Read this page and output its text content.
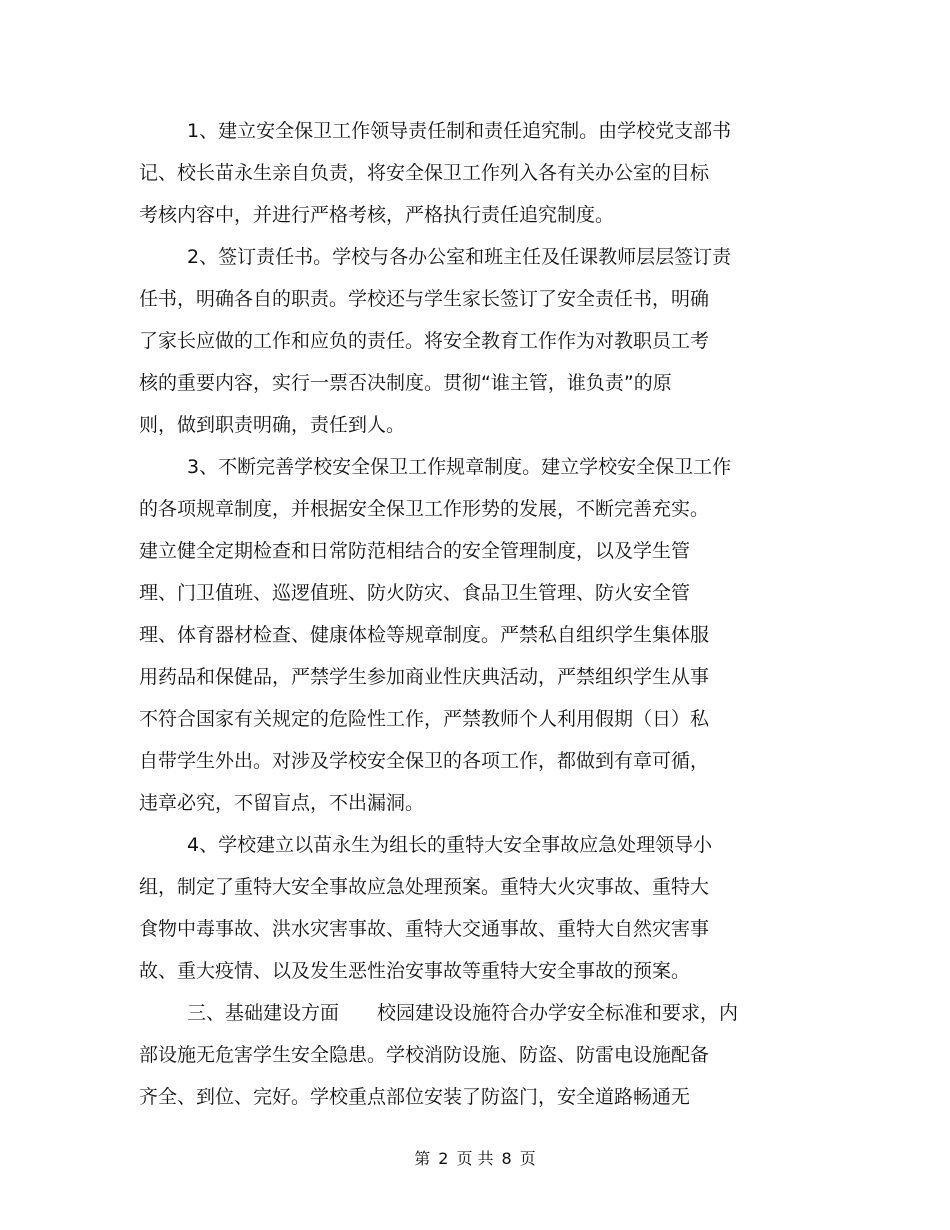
1、建立安全保卫工作领导责任制和责任追究制。由学校党支部书
记、校长苗永生亲自负责，将安全保卫工作列入各有关办公室的目标
考核内容中，并进行严格考核，严格执行责任追究制度。
2、签订责任书。学校与各办公室和班主任及任课教师层层签订责
任书，明确各自的职责。学校还与学生家长签订了安全责任书，明确
了家长应做的工作和应负的责任。将安全教育工作作为对教职员工考
核的重要内容，实行一票否决制度。贯彻“谁主管，谁负责”的原
则，做到职责明确，责任到人。
3、不断完善学校安全保卫工作规章制度。建立学校安全保卫工作
的各项规章制度，并根据安全保卫工作形势的发展，不断完善充实。
建立健全定期检查和日常防范相结合的安全管理制度，以及学生管
理、门卫值班、巡逻值班、防火防灾、食品卫生管理、防火安全管
理、体育器材检查、健康体检等规章制度。严禁私自组织学生集体服
用药品和保健品，严禁学生参加商业性庆典活动，严禁组织学生从事
不符合国家有关规定的危险性工作，严禁教师个人利用假期（日）私
自带学生外出。对涉及学校安全保卫的各项工作，都做到有章可循，
违章必究，不留盲点，不出漏洞。
4、学校建立以苗永生为组长的重特大安全事故应急处理领导小
组，制定了重特大安全事故应急处理预案。重特大火灾事故、重特大
食物中毒事故、洪水灾害事故、重特大交通事故、重特大自然灾害事
故、重大疫情、以及发生恶性治安事故等重特大安全事故的预案。
三、基础建设方面　　校园建设设施符合办学安全标准和要求，内
部设施无危害学生安全隐患。学校消防设施、防盗、防雷电设施配备
齐全、到位、完好。学校重点部位安装了防盗门，安全道路畅通无
第 2 页 共 8 页
